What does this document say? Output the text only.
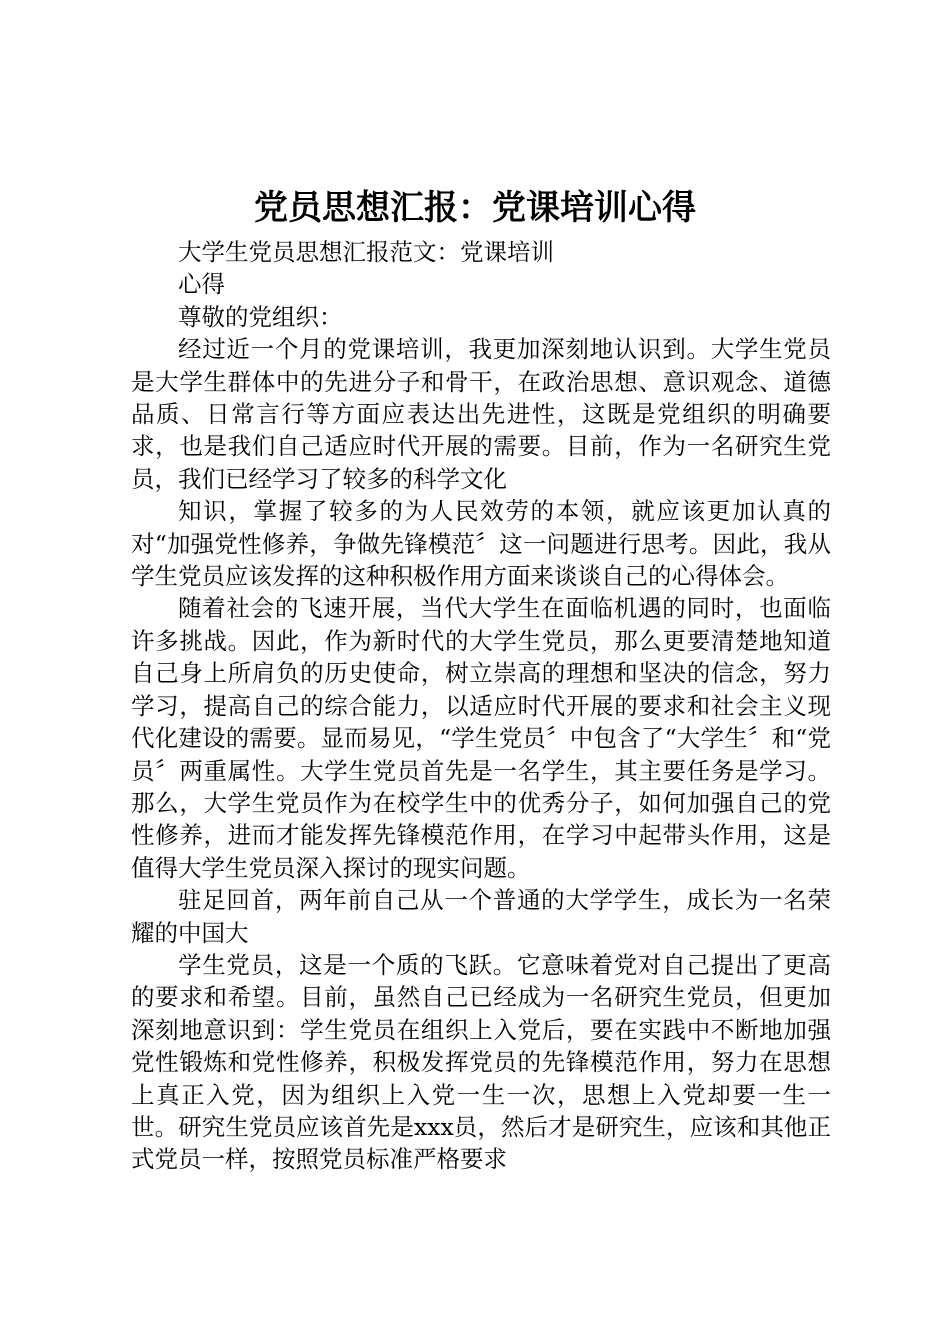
党员思想汇报：党课培训心得

大学生党员思想汇报范文：党课培训

心得

尊敬的党组织：

经过近一个月的党课培训，我更加深刻地认识到。大学生党员是大学生群体中的先进分子和骨干，在政治思想、意识观念、道德品质、日常言行等方面应表达出先进性，这既是党组织的明确要求，也是我们自己适应时代开展的需要。目前，作为一名研究生党员，我们已经学习了较多的科学文化

知识，掌握了较多的为人民效劳的本领，就应该更加认真的对“加强党性修养，争做先锋模范〞这一问题进行思考。因此，我从学生党员应该发挥的这种积极作用方面来谈谈自己的心得体会。

随着社会的飞速开展，当代大学生在面临机遇的同时，也面临许多挑战。因此，作为新时代的大学生党员，那么更要清楚地知道自己身上所肩负的历史使命，树立崇高的理想和坚决的信念，努力学习，提高自己的综合能力，以适应时代开展的要求和社会主义现代化建设的需要。显而易见，“学生党员〞中包含了“大学生〞和“党员〞两重属性。大学生党员首先是一名学生，其主要任务是学习。那么，大学生党员作为在校学生中的优秀分子，如何加强自己的党性修养，进而才能发挥先锋模范作用，在学习中起带头作用，这是值得大学生党员深入探讨的现实问题。

驻足回首，两年前自己从一个普通的大学学生，成长为一名荣耀的中国大

学生党员，这是一个质的飞跃。它意味着党对自己提出了更高的要求和希望。目前，虽然自己已经成为一名研究生党员，但更加深刻地意识到：学生党员在组织上入党后，要在实践中不断地加强党性锻炼和党性修养，积极发挥党员的先锋模范作用，努力在思想上真正入党，因为组织上入党一生一次，思想上入党却要一生一世。研究生党员应该首先是xxx员，然后才是研究生，应该和其他正式党员一样，按照党员标准严格要求
